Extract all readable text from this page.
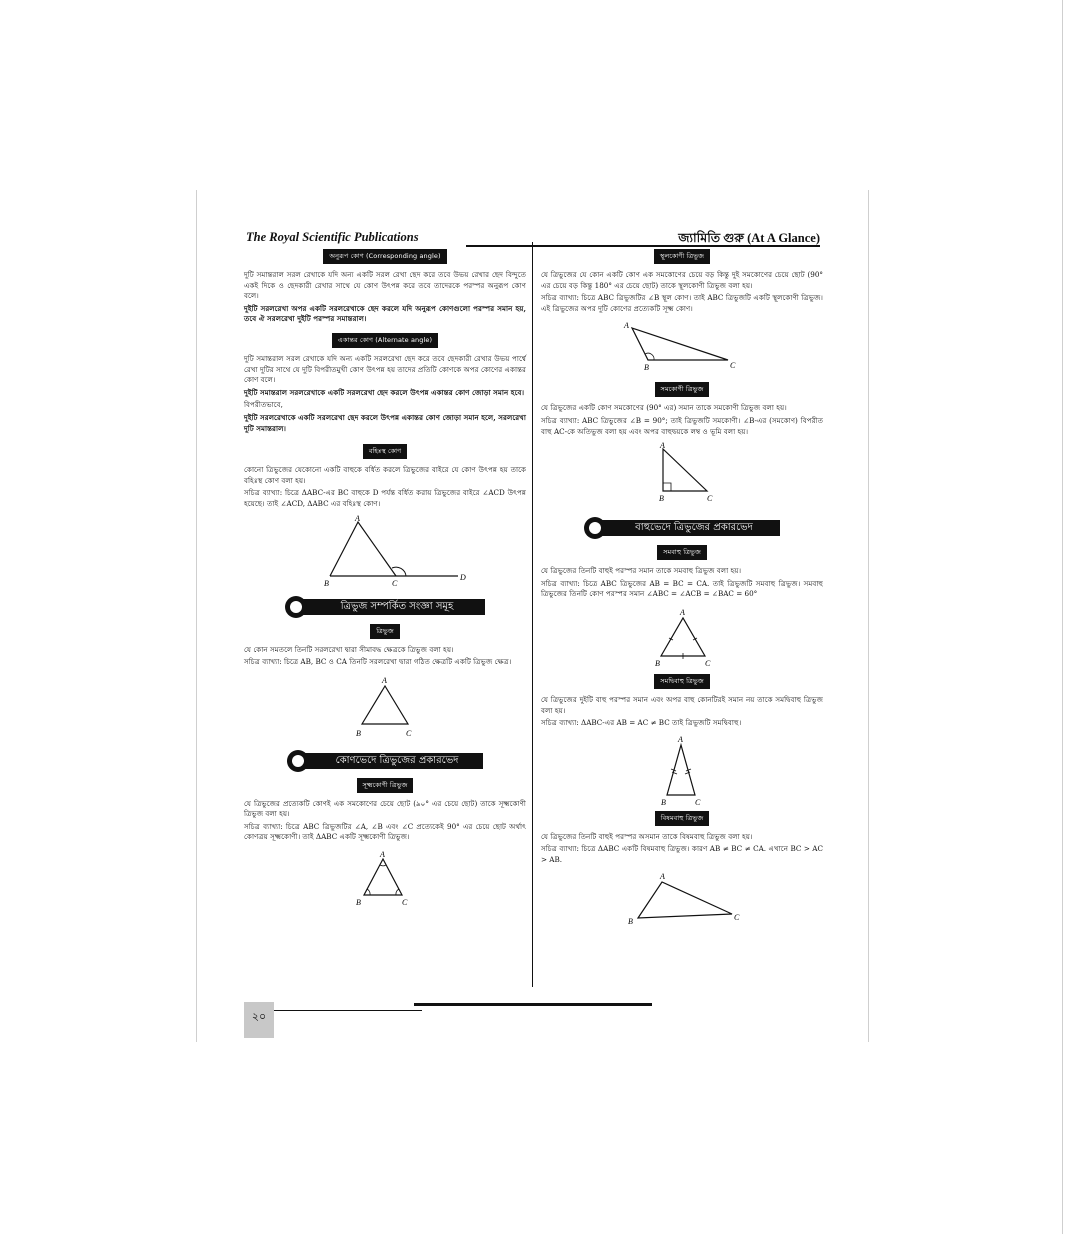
The Royal Scientific Publications	জ্যামিতি গুরু (At A Glance)
অনুরূপ কোণ (Corresponding angle)

দুটি সমান্তরাল সরল রেখাকে যদি অন্য একটি সরল রেখা ছেদ করে তবে উভয় রেখার ছেদ বিন্দুতে একই দিকে ও ছেদকারী রেখার সাথে যে কোণ উৎপন্ন করে তবে তাদেরকে পরস্পর অনুরূপ কোণ বলে।

দুইটি সরলরেখা অপর একটি সরলরেখাকে ছেদ করলে যদি অনুরূপ কোণগুলো পরস্পর সমান হয়, তবে ঐ সরলরেখা দুইটি পরস্পর সমান্তরাল।

একান্তর কোণ (Alternate angle)

দুটি সমান্তরাল সরল রেখাকে যদি অন্য একটি সরলরেখা ছেদ করে তবে ছেদকারী রেখার উভয় পার্শ্বে রেখা দুটির সাথে যে দুটি বিপরীতমুখী কোণ উৎপন্ন হয় তাদের প্রতিটি কোণকে অপর কোণের একান্তর কোণ বলে।

দুইটি সমান্তরাল সরলরেখাকে একটি সরলরেখা ছেদ করলে উৎপন্ন একান্তর কোণ জোড়া সমান হবে।

বিপরীতভাবে,

দুইটি সরলরেখাকে একটি সরলরেখা ছেদ করলে উৎপন্ন একান্তর কোণ জোড়া সমান হলে, সরলরেখা দুটি সমান্তরাল।

বহিঃস্থ কোণ

কোনো ত্রিভুজের যেকোনো একটি বাহুকে বর্ধিত করলে ত্রিভুজের বাইরে যে কোণ উৎপন্ন হয় তাকে বহিঃস্থ কোণ বলা হয়।

সচিত্র ব্যাখ্যা: চিত্রে ΔABC-এর BC বাহুকে D পর্যন্ত বর্ধিত করায় ত্রিভুজের বাইরে ∠ACD উৎপন্ন হয়েছে। তাই ∠ACD, ΔABC এর বহিঃস্থ কোণ।

A
B	C
D
ত্রিভুজ সম্পর্কিত সংজ্ঞা সমূহ
ত্রিভুজ

যে কোন সমতলে তিনটি সরলরেখা দ্বারা সীমাবদ্ধ ক্ষেত্রকে ত্রিভুজ বলা হয়।

সচিত্র ব্যাখ্যা: চিত্রে AB, BC ও CA তিনটি সরলরেখা দ্বারা গঠিত ক্ষেত্রটি একটি ত্রিভুজ ক্ষেত্র।

A
B	C
কোণভেদে ত্রিভুজের প্রকারভেদ
সূক্ষ্মকোণী ত্রিভুজ

যে ত্রিভুজের প্রত্যেকটি কোণই এক সমকোণের চেয়ে ছোট (৯০° এর চেয়ে ছোট) তাকে সূক্ষ্মকোণী ত্রিভুজ বলা হয়।

সচিত্র ব্যাখ্যা: চিত্রে ABC ত্রিভুজটির ∠A, ∠B এবং ∠C প্রত্যেকেই 90° এর চেয়ে ছোট অর্থাৎ কোণত্রয় সূক্ষ্মকোণী। তাই ΔABC একটি সূক্ষ্মকোণী ত্রিভুজ।

A
B	C
স্থূলকোণী ত্রিভুজ

যে ত্রিভুজের যে কোন একটি কোণ এক সমকোণের চেয়ে বড় কিন্তু দুই সমকোণের চেয়ে ছোট (90° এর চেয়ে বড় কিন্তু 180° এর চেয়ে ছোট) তাকে স্থূলকোণী ত্রিভুজ বলা হয়।

সচিত্র ব্যাখ্যা: চিত্রে ABC ত্রিভুজটির ∠B স্থূল কোণ। তাই ABC ত্রিভুজটি একটি স্থূলকোণী ত্রিভুজ। এই ত্রিভুজের অপর দুটি কোণের প্রত্যেকটি সূক্ষ্ম কোণ।

A
B	C
সমকোণী ত্রিভুজ

যে ত্রিভুজের একটি কোণ সমকোণের (90° এর) সমান তাকে সমকোণী ত্রিভুজ বলা হয়।

সচিত্র ব্যাখ্যা: ABC ত্রিভুজের ∠B = 90°; তাই ত্রিভুজটি সমকোণী। ∠B-এর (সমকোণ) বিপরীত বাহু AC-কে অতিভুজ বলা হয় এবং অপর বাহুদ্বয়কে লম্ব ও ভূমি বলা হয়।

A
B	C
বাহুভেদে ত্রিভুজের প্রকারভেদ
সমবাহু ত্রিভুজ

যে ত্রিভুজের তিনটি বাহুই পরস্পর সমান তাকে সমবাহু ত্রিভুজ বলা হয়।

সচিত্র ব্যাখ্যা: চিত্রে ABC ত্রিভুজের AB = BC = CA. তাই ত্রিভুজটি সমবাহু ত্রিভুজ। সমবাহু ত্রিভুজের তিনটি কোণ পরস্পর সমান ∠ABC = ∠ACB = ∠BAC = 60°

A
B	C
সমদ্বিবাহু ত্রিভুজ

যে ত্রিভুজের দুইটি বাহু পরস্পর সমান এবং অপর বাহু কোনটিরই সমান নয় তাকে সমদ্বিবাহু ত্রিভুজ বলা হয়।

সচিত্র ব্যাখ্যা: ΔABC-এর AB = AC ≠ BC তাই ত্রিভুজটি সমদ্বিবাহু।

A
B	C
বিষমবাহু ত্রিভুজ

যে ত্রিভুজের তিনটি বাহুই পরস্পর অসমান তাকে বিষমবাহু ত্রিভুজ বলা হয়।

সচিত্র ব্যাখ্যা: চিত্রে ΔABC একটি বিষমবাহু ত্রিভুজ। কারণ AB ≠ BC ≠ CA. এখানে BC > AC > AB.

A
B	C
২০
